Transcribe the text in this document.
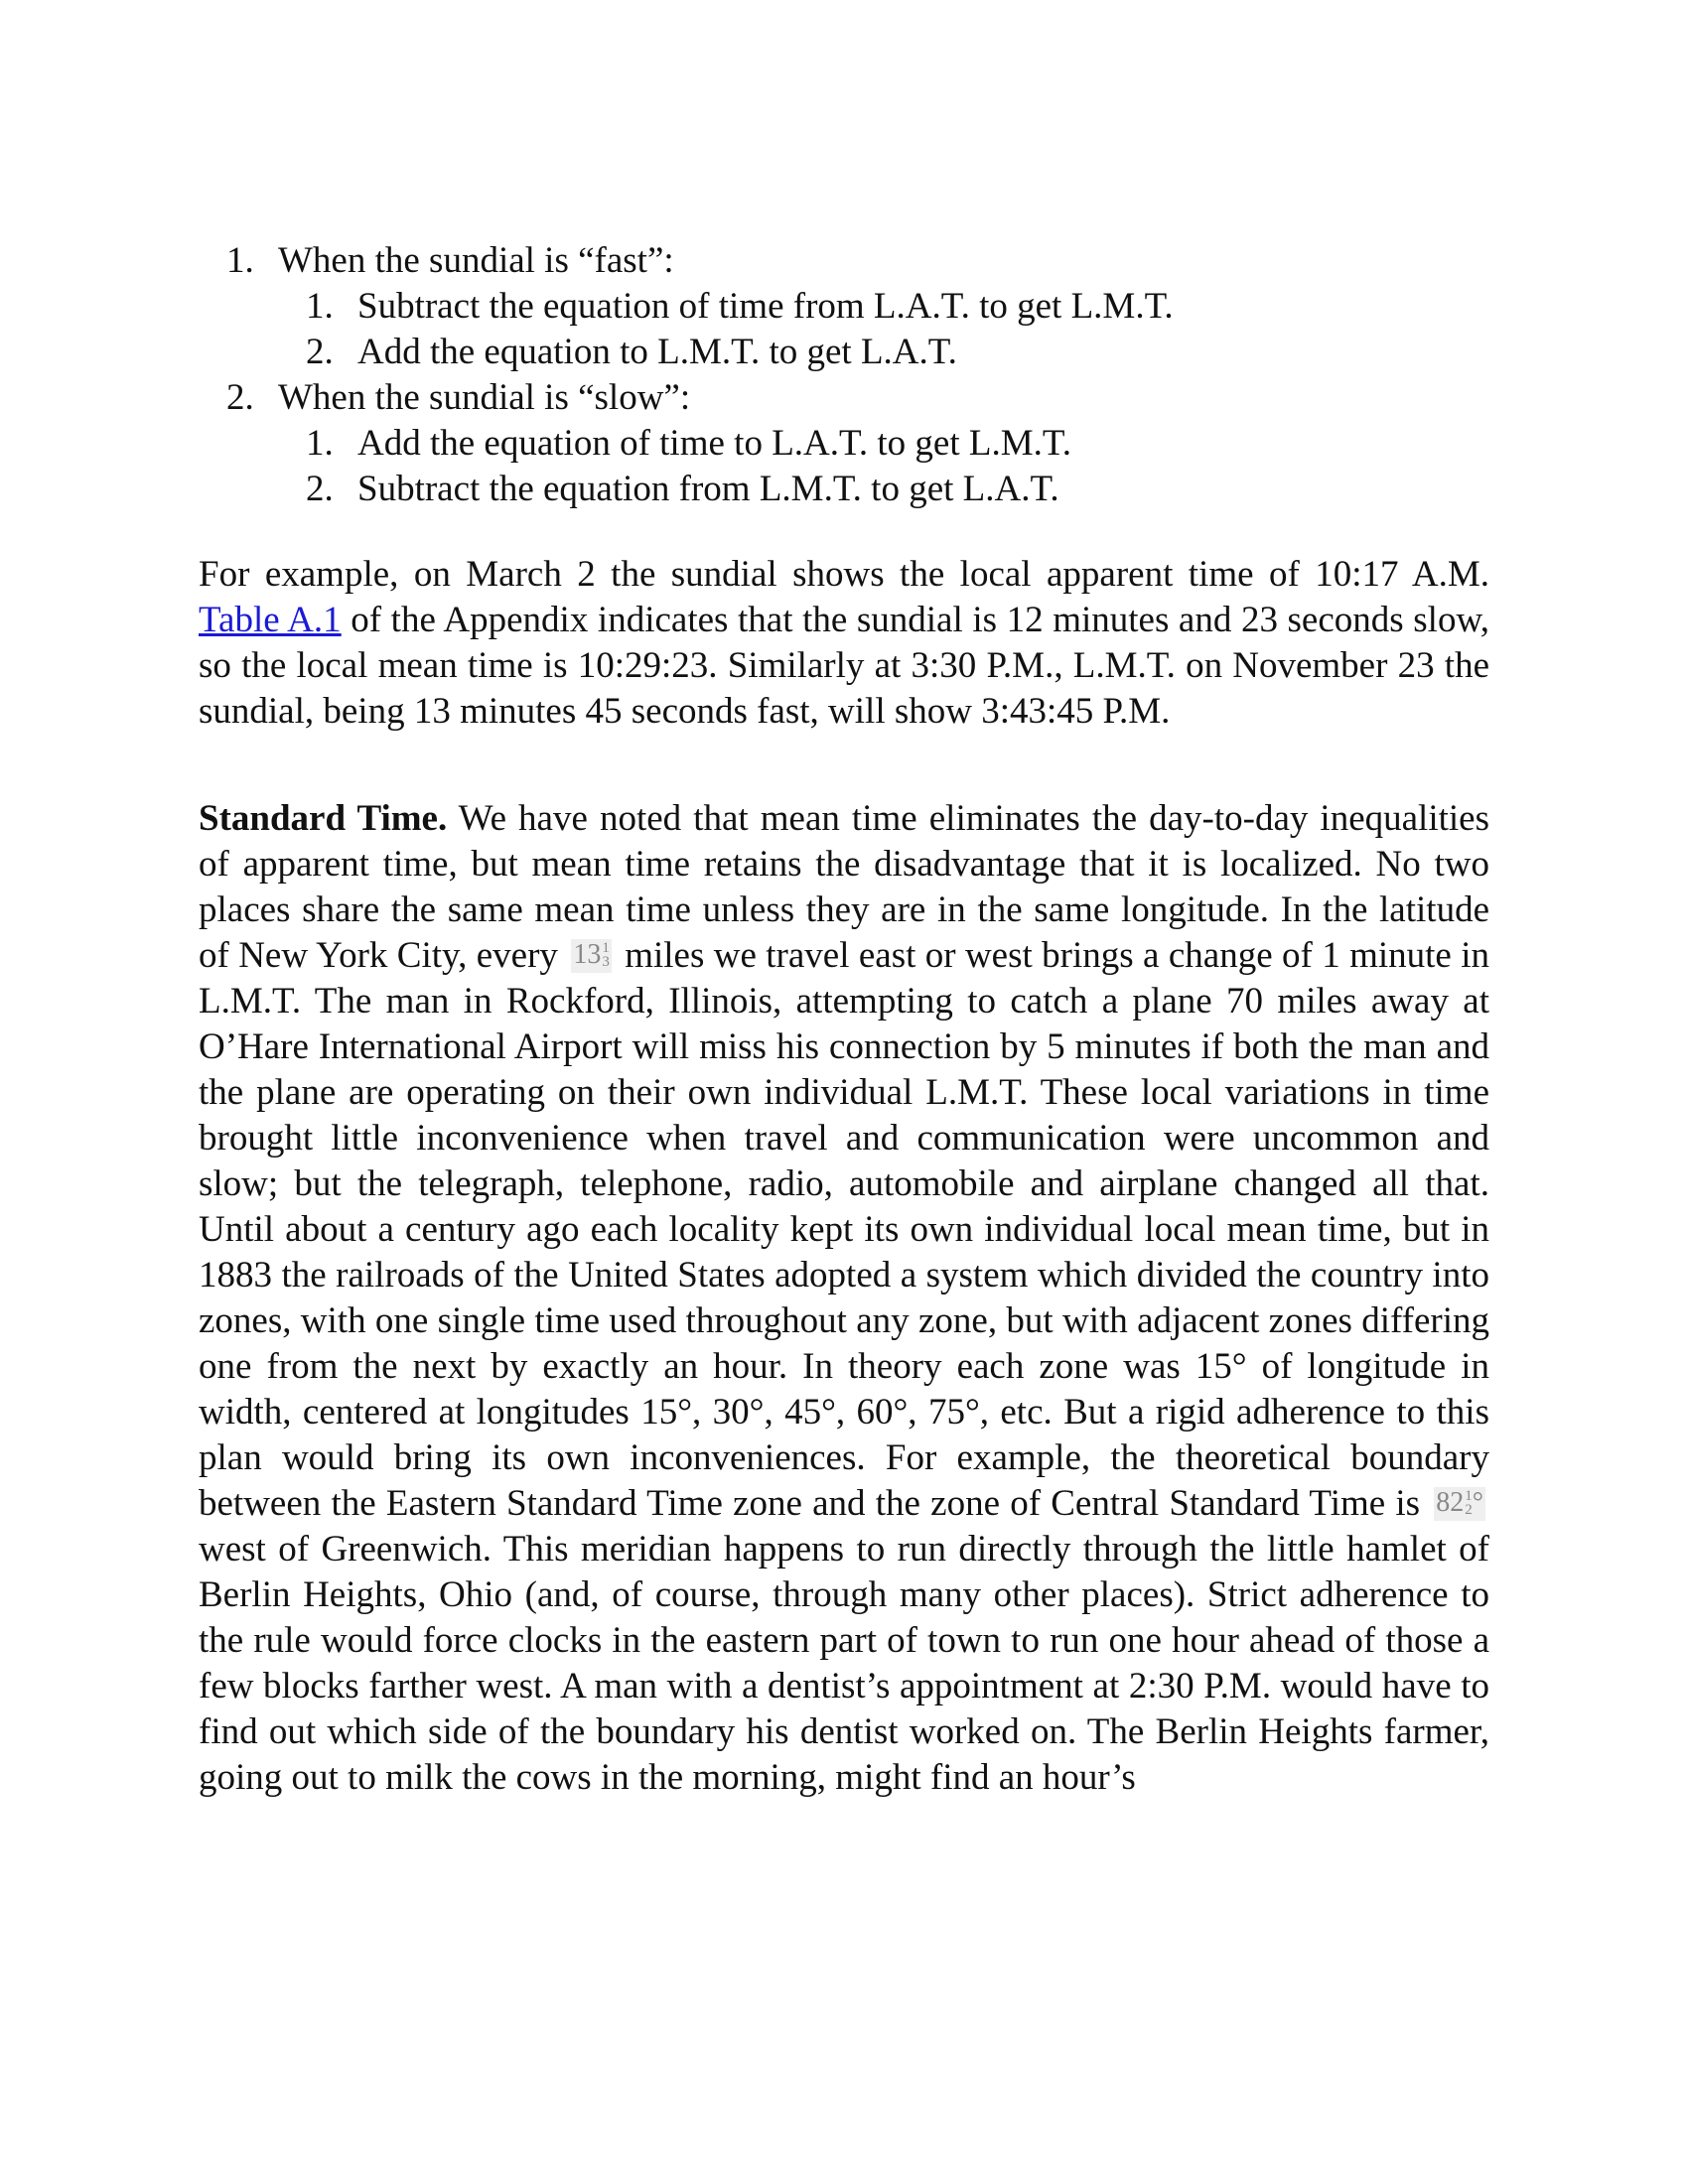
1. When the sundial is “fast”:
1. Subtract the equation of time from L.A.T. to get L.M.T.
2. Add the equation to L.M.T. to get L.A.T.
2. When the sundial is “slow”:
1. Add the equation of time to L.A.T. to get L.M.T.
2. Subtract the equation from L.M.T. to get L.A.T.

For example, on March 2 the sundial shows the local apparent time of 10:17 A.M. Table A.1 of the Appendix indicates that the sundial is 12 minutes and 23 seconds slow, so the local mean time is 10:29:23. Similarly at 3:30 P.M., L.M.T. on November 23 the sundial, being 13 minutes 45 seconds fast, will show 3:43:45 P.M.

Standard Time. We have noted that mean time eliminates the day-to-day inequalities of apparent time, but mean time retains the disadvantage that it is localized. No two places share the same mean time unless they are in the same longitude. In the latitude of New York City, every 13 1
3 miles we travel east or west brings a change of 1 minute in L.M.T. The man in Rockford, Illinois, attempting to catch a plane 70 miles away at O’Hare International Airport will miss his connection by 5 minutes if both the man and the plane are operating on their own individual L.M.T. These local variations in time brought little inconvenience when travel and communication were uncommon and slow; but the telegraph, telephone, radio, automobile and airplane changed all that. Until about a century ago each locality kept its own individual local mean time, but in 1883 the railroads of the United States adopted a system which divided the country into zones, with one single time used throughout any zone, but with adjacent zones differing one from the next by exactly an hour. In theory each zone was 15° of longitude in width, centered at longitudes 15°, 30°, 45°, 60°, 75°, etc. But a rigid adherence to this plan would bring its own inconveniences. For example, the theoretical boundary between the Eastern Standard Time zone and the zone of Central Standard Time is 82 1
2 °
west of Greenwich. This meridian happens to run directly through the little hamlet of Berlin Heights, Ohio (and, of course, through many other places). Strict adherence to the rule would force clocks in the eastern part of town to run one hour ahead of those a few blocks farther west. A man with a dentist’s appointment at 2:30 P.M. would have to find out which side of the boundary his dentist worked on. The Berlin Heights farmer, going out to milk the cows in the morning, might find an hour’s
